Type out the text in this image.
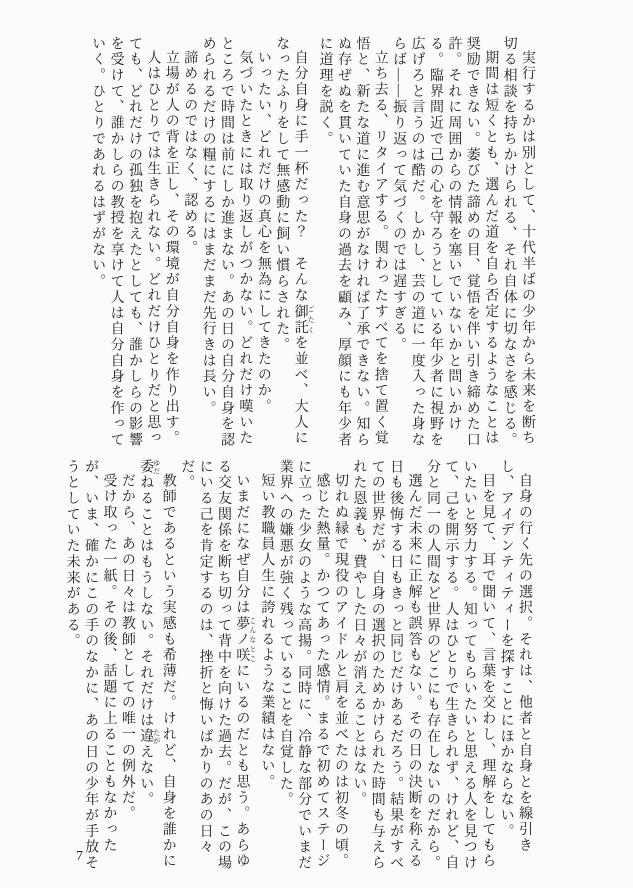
実行するかは別として、十代半ばの少年から未来を断ち切る相談を持ちかけられる、それ自体に切なさを感じる。

期間は短くとも、選んだ道を自ら否定するようなことは奨励できない。萎びた諦めの目、覚悟を伴い引き締めた口許。それに周囲からの情報を塞いでいないかと問いかける。臨界間近で己の心を守ろうとしている年少者に視野を広げろと言うのは酷だ。しかし、芸の道に一度入った身ならば――振り返って気づくのでは遅すぎる。

立ち去る、リタイアする。関わったすべてを捨て置く覚悟と、新たな道に進む意思がなければ了承できない。知らぬ存ぜぬを貫いていた自身の過去を顧み、厚顔にも年少者に道理を説く。

自分自身に手一杯だった？　そんな御託 ごたくを並べ、大人になったふりをして無感動に飼い慣らされた。

いったい、どれだけの真心を無為にしてきたのか。

気づいたときには取り返しがつかない。どれだけ嘆いたところで時間は前にしか進まない。あの日の自分自身を認められるだけの糧にするにはまだまだ先行きは長い。

諦めるのではなく、認める。

立場が人の背を正し、その環境が自分自身を作り出す。

人はひとりでは生きられない。どれだけひとりだと思っても、どれだけの孤独を抱えたとしても、誰かしらの影響を受けて、誰かしらの教授を享けて人は自分自身を作っていく。ひとりであれるはずがない。

自身の行く先の選択。それは、他者と自身とを線引きし、アイデンティティーを探すことにほかならない。

目を見て、耳で聞いて、言葉を交わし、理解をしてもらいたいと努力する。知ってもらいたいと思える人を見つけて、己を開示する。人はひとりで生きられず、けれど、自分と同一の人間など世界のどこにも存在しないのだから。

選んだ未来に正解も誤答もない。その日の決断を称える日も後悔する日もきっと同じだけあるだろう。結果がすべての世界だが、自身の選択のためかけられた時間も与えられた恩義も、費やした日々が消えることはない。

切れぬ縁で現役のアイドルと肩を並べたのは初冬の頃。

感じた熱量。かつてあった感情。まるで初めてステージに立った少女のような高揚。同時に、冷静な部分でいまだ業界への嫌悪が強く残っていることを自覚した。

短い教職員人生に誇れるような業績はない。

いまだになぜ自分は夢ノ咲 こんなとこにいるのだとも思う。あらゆる交友関係を断ち切って背中を向けた過去。だが、この場にいる己を肯定するのは、挫折と悔いばかりのあの日々だ。

教師であるという実感も希薄だ。けれど、自身を誰かに委 ゆだねることはもうしない。それだけは違 たがえない。

だから、あの日々は教師としての唯一の例外だ。

受け取った一紙。その後、話題に上ることもなかったが、いま、確かにこの手のなかに、あの日の少年が手放そうとしていた未来がある。

7
